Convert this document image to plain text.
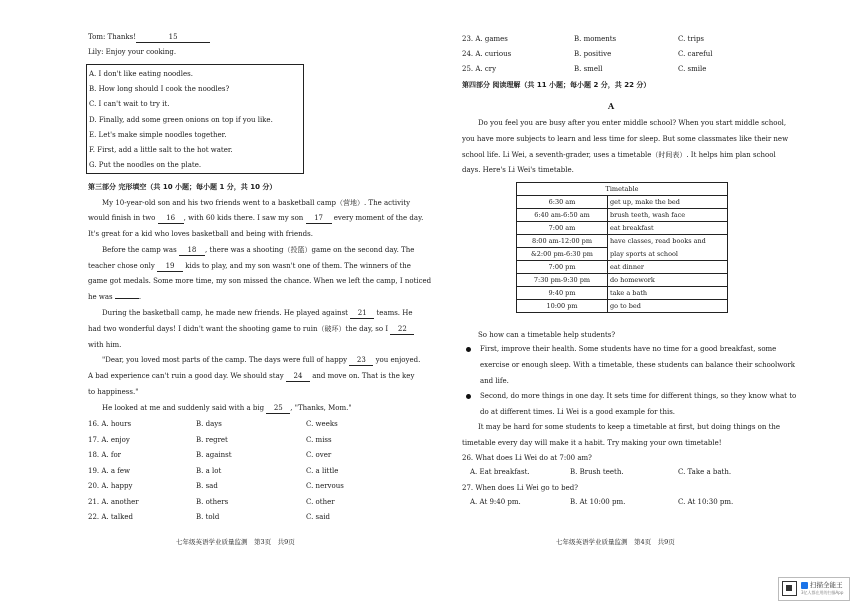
Tom: Thanks!	15
Lily: Enjoy your cooking.
A. I don't like eating noodles.
B. How long should I cook the noodles?
C. I can't wait to try it.
D. Finally, add some green onions on top if you like.
E. Let's make simple noodles together.
F. First, add a little salt to the hot water.
G. Put the noodles on the plate.
第三部分 完形填空（共 10 小题；每小题 1 分，共 10 分）
My 10-year-old son and his two friends went to a basketball camp（营地）. The activity
would finish in two 16 , with 60 kids there. I saw my son 17 every moment of the day.
It's great for a kid who loves basketball and being with friends.
Before the camp was 18 , there was a shooting（投篮）game on the second day. The
teacher chose only 19 kids to play, and my son wasn't one of them. The winners of the
game got medals. Some more time, my son missed the chance. When we left the camp, I noticed
he was	.
During the basketball camp, he made new friends. He played against 21 teams. He
had two wonderful days! I didn't want the shooting game to ruin（破坏）the day, so I 22
with him.
"Dear, you loved most parts of the camp. The days were full of happy 23 you enjoyed.
A bad experience can't ruin a good day. We should stay 24 and move on. That is the key
to happiness."
He looked at me and suddenly said with a big 25 , "Thanks, Mom."
16. A. hours	B. days	C. weeks
17. A. enjoy	B. regret	C. miss
18. A. for	B. against	C. over
19. A. a few	B. a lot	C. a little
20. A. happy	B. sad	C. nervous
21. A. another	B. others	C. other
22. A. talked	B. told	C. said
七年级英语学业质量监测　第3页　共9页
23. A. games	B. moments	C. trips
24. A. curious	B. positive	C. careful
25. A. cry	B. smell	C. smile
第四部分 阅读理解（共 11 小题；每小题 2 分，共 22 分）
A
Do you feel you are busy after you enter middle school? When you start middle school,
you have more subjects to learn and less time for sleep. But some classmates like their new
school life. Li Wei, a seventh-grader, uses a timetable（时间表）. It helps him plan school
days. Here's Li Wei's timetable.
Timetable	
6:30 am	get up, make the bed
6:40 am-6:50 am	brush teeth, wash face
7:00 am	eat breakfast
8:00 am-12:00 pm	have classes, read books and
&2:00 pm-6:30 pm	play sports at school
7:00 pm	eat dinner
7:30 pm-9:30 pm	do homework
9:40 pm	take a bath
10:00 pm	go to bed
So how can a timetable help students?
First, improve their health. Some students have no time for a good breakfast, some
exercise or enough sleep. With a timetable, these students can balance their schoolwork
and life.
Second, do more things in one day. It sets time for different things, so they know what to
do at different times. Li Wei is a good example for this.
It may be hard for some students to keep a timetable at first, but doing things on the
timetable every day will make it a habit. Try making your own timetable!
26. What does Li Wei do at 7:00 am?
A. Eat breakfast.	B. Brush teeth.	C. Take a bath.
27. When does Li Wei go to bed?
A. At 9:40 pm.	B. At 10:00 pm.	C. At 10:30 pm.
七年级英语学业质量监测　第4页　共9页
扫描全能王
3亿人都在用的扫描App
